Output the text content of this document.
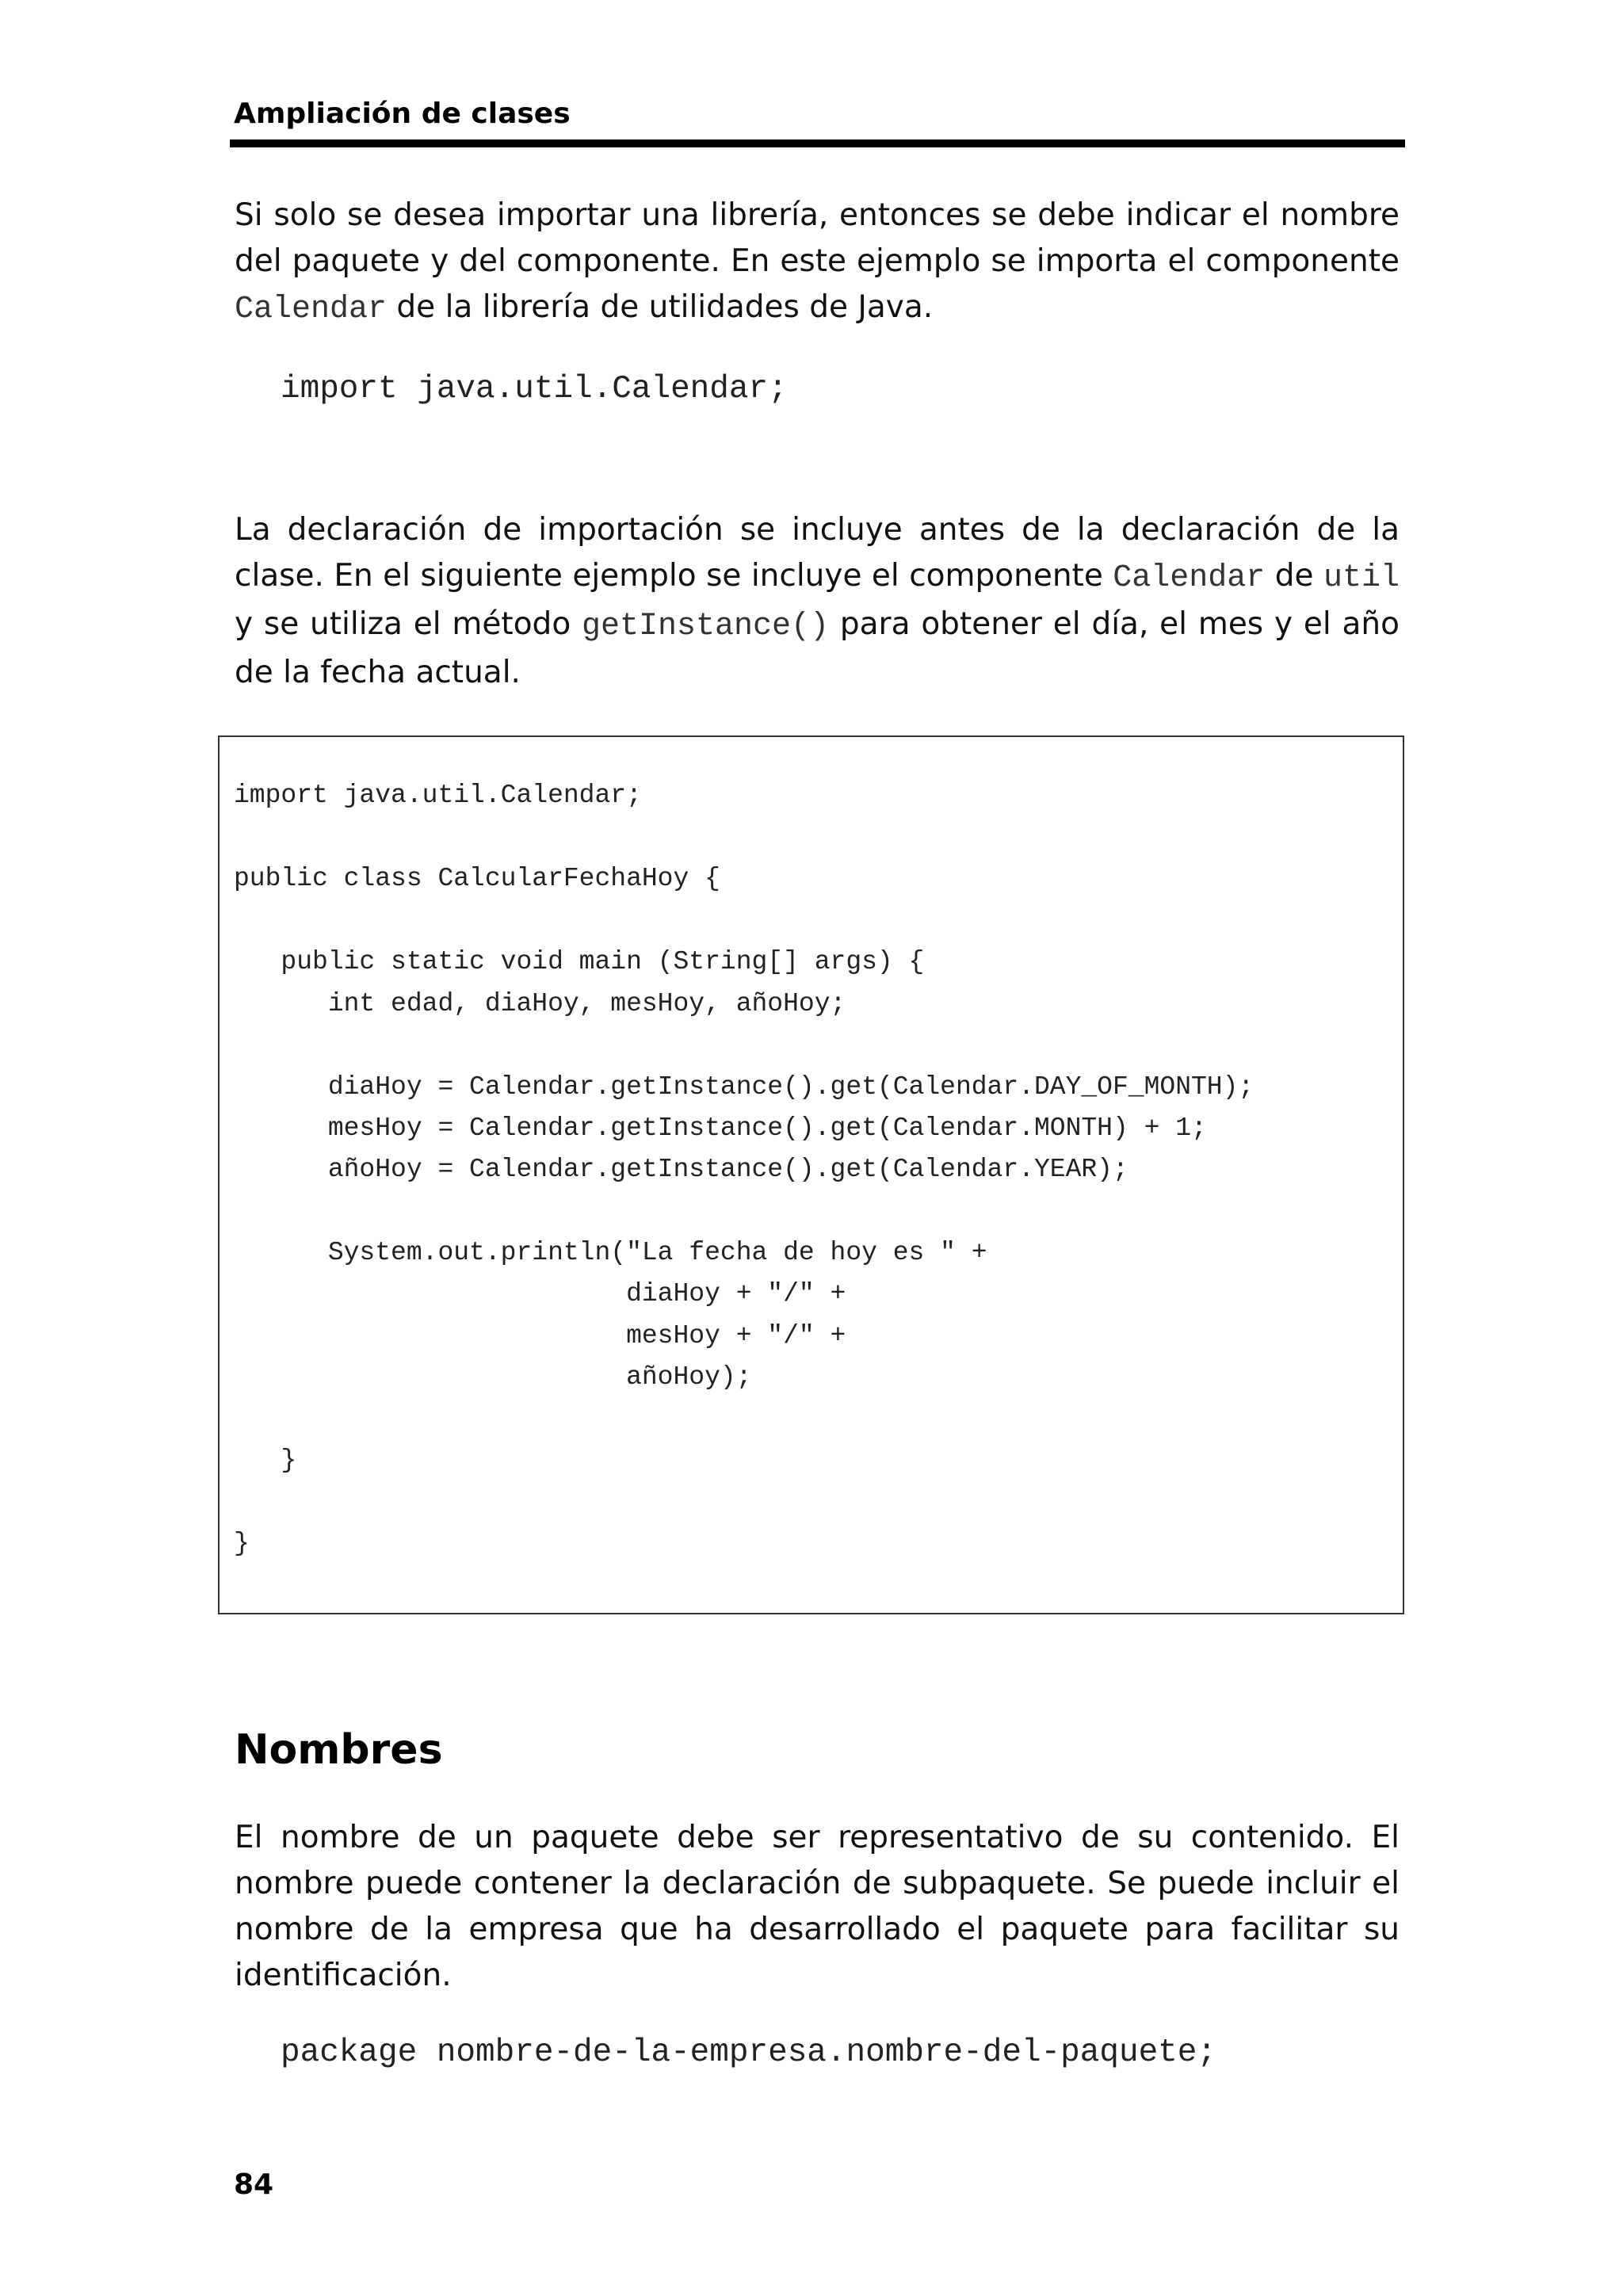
Ampliación de clases

Si solo se desea importar una librería, entonces se debe indicar el nombre del paquete y del componente. En este ejemplo se importa el componente Calendar de la librería de utilidades de Java.

import java.util.Calendar;

La declaración de importación se incluye antes de la declaración de la clase. En el siguiente ejemplo se incluye el componente Calendar de util y se utiliza el método getInstance() para obtener el día, el mes y el año de la fecha actual.

import java.util.Calendar;
public class CalcularFechaHoy {
public static void main (String[] args) {
int edad, diaHoy, mesHoy, añoHoy;
diaHoy = Calendar.getInstance().get(Calendar.DAY_OF_MONTH);
mesHoy = Calendar.getInstance().get(Calendar.MONTH) + 1;
añoHoy = Calendar.getInstance().get(Calendar.YEAR);
System.out.println("La fecha de hoy es " +
diaHoy + "/" +
mesHoy + "/" +
añoHoy);
}
}
Nombres

El nombre de un paquete debe ser representativo de su contenido. El nombre puede contener la declaración de subpaquete. Se puede incluir el nombre de la empresa que ha desarrollado el paquete para facilitar su identificación.

package nombre-de-la-empresa.nombre-del-paquete;
84
